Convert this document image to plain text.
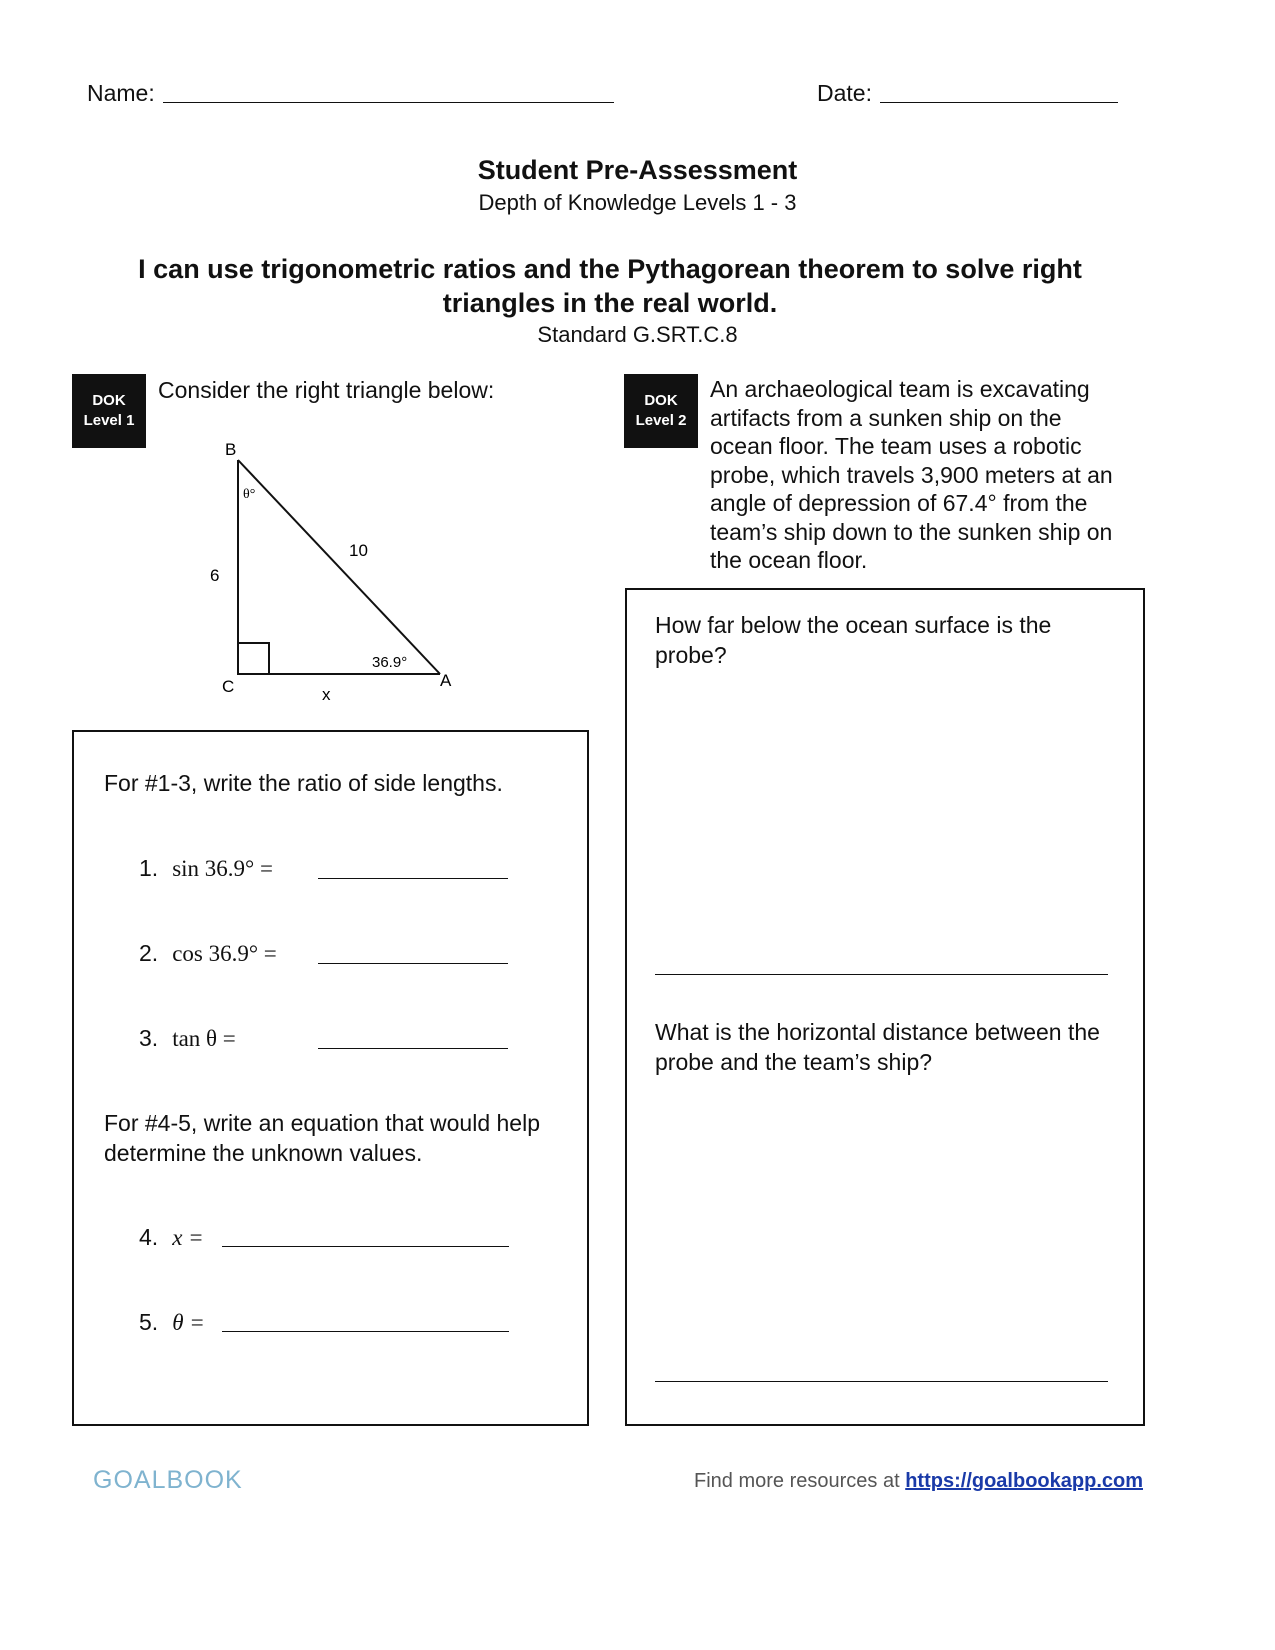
Name:	Date:
Student Pre-Assessment
Depth of Knowledge Levels 1 - 3
I can use trigonometric ratios and the Pythagorean theorem to solve right triangles in the real world.
Standard G.SRT.C.8
DOK
Level 1
Consider the right triangle below:
B
C	A
6
10
x
θ°
36.9°
For #1-3, write the ratio of side lengths.
1. sin 36.9° =
2. cos 36.9° =
3. tan θ =
For #4-5, write an equation that would help determine the unknown values.
4. x =
5. θ =
DOK
Level 2
An archaeological team is excavating artifacts from a sunken ship on the ocean floor. The team uses a robotic probe, which travels 3,900 meters at an angle of depression of 67.4° from the team’s ship down to the sunken ship on the ocean floor.
How far below the ocean surface is the probe?
What is the horizontal distance between the probe and the team’s ship?
GOALBOOK	Find more resources at https://goalbookapp.com
